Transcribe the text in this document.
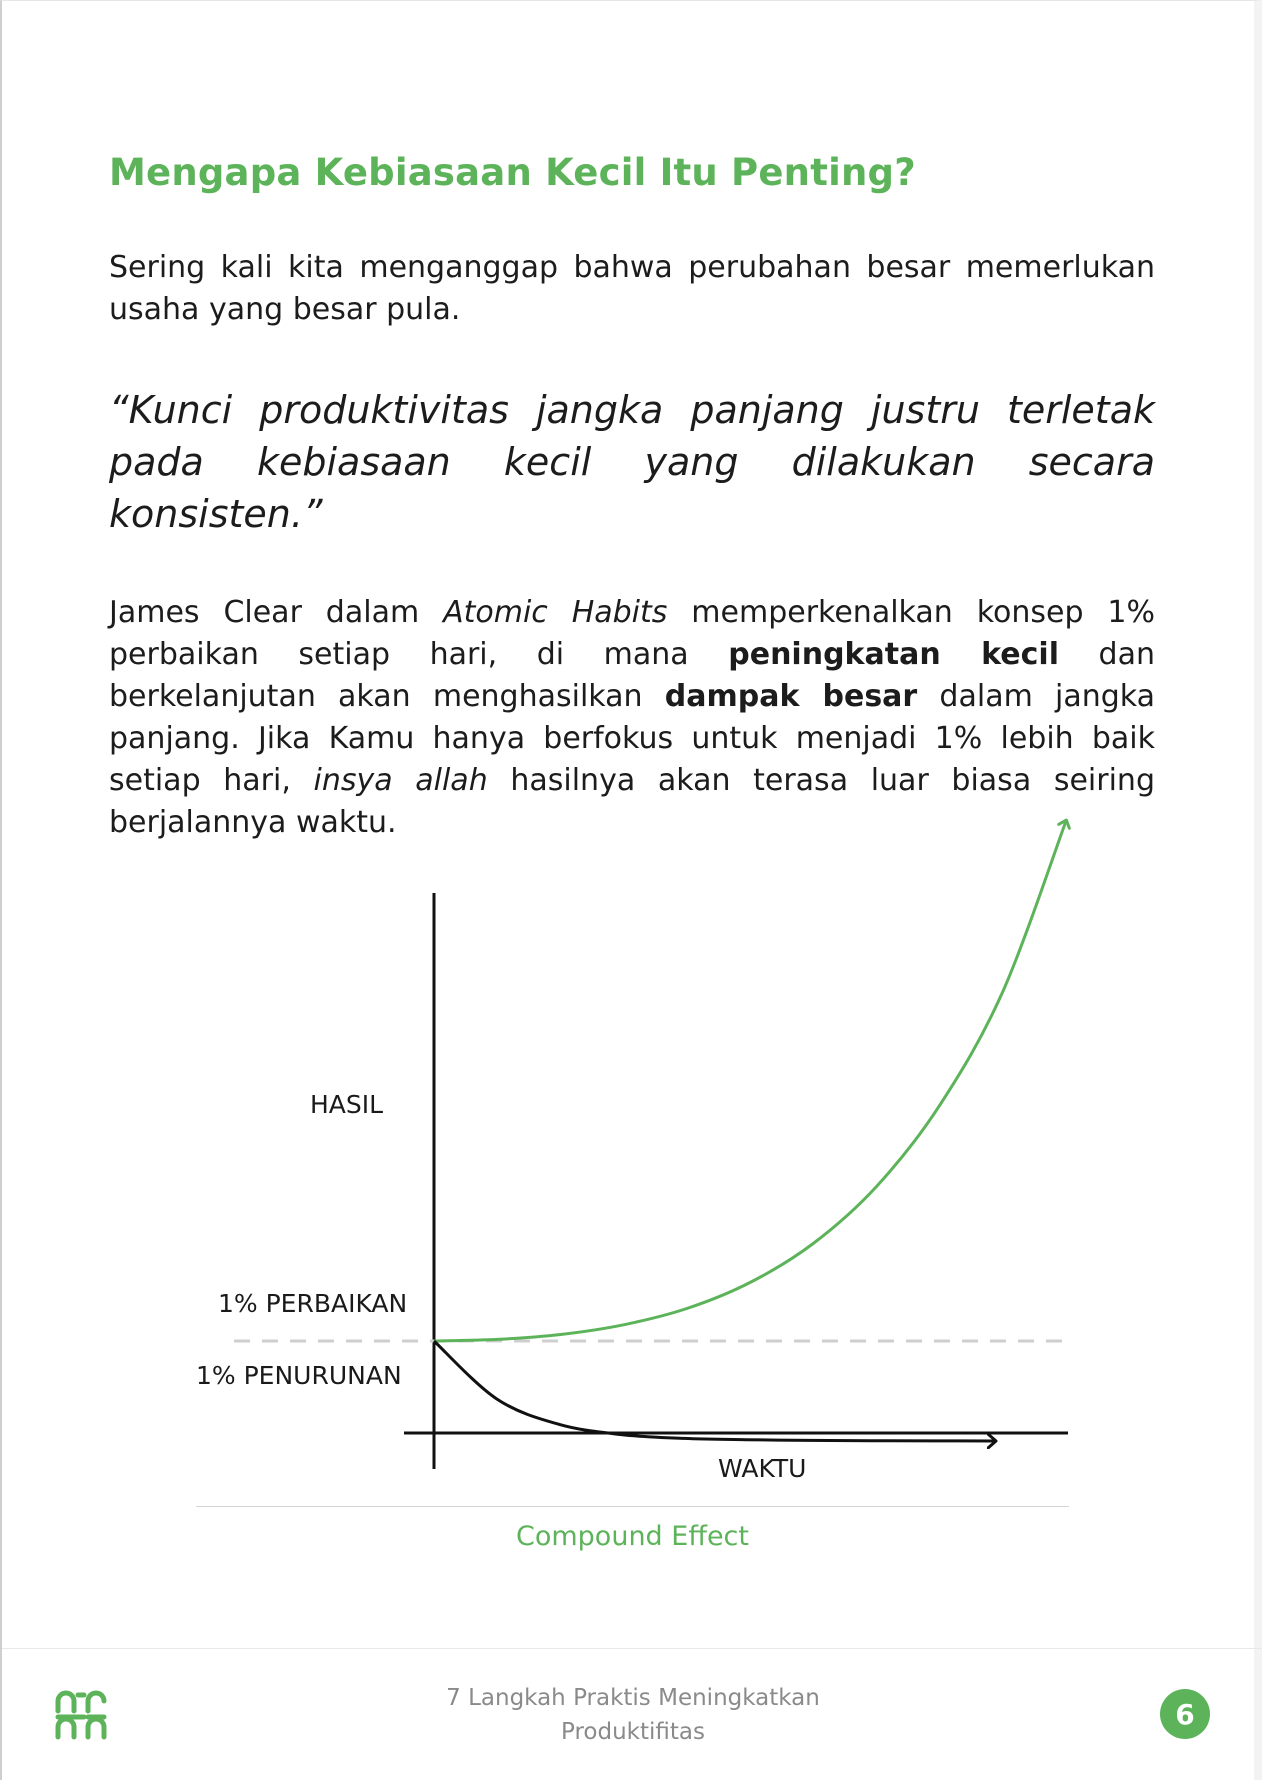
Mengapa Kebiasaan Kecil Itu Penting?

Sering kali kita menganggap bahwa perubahan besar memerlukan usaha yang besar pula.

“Kunci produktivitas jangka panjang justru terletak pada kebiasaan kecil yang dilakukan secara konsisten.”

James Clear dalam Atomic Habits memperkenalkan konsep 1% perbaikan setiap hari, di mana peningkatan kecil dan berkelanjutan akan menghasilkan dampak besar dalam jangka panjang. Jika Kamu hanya berfokus untuk menjadi 1% lebih baik setiap hari, insya allah hasilnya akan terasa luar biasa seiring berjalannya waktu.

HASIL
1% PERBAIKAN
1% PENURUNAN
WAKTU
Compound Effect
7 Langkah Praktis Meningkatkan
Produktifitas
6
